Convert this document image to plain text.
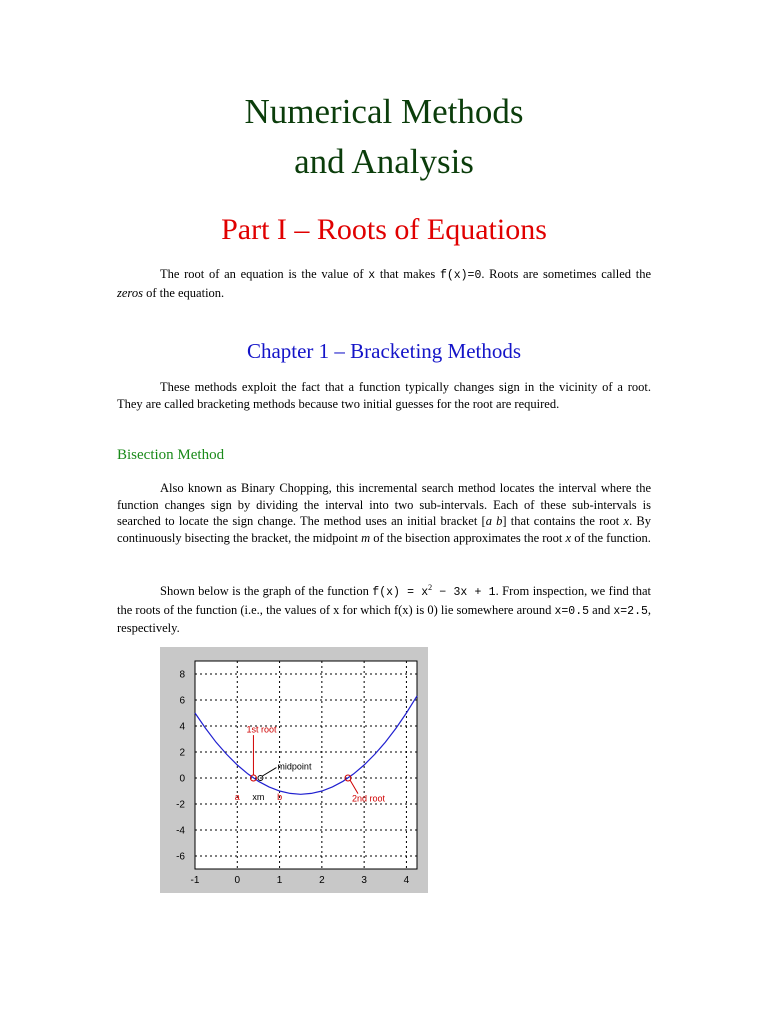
Numerical Methods
and Analysis
Part I – Roots of Equations

The root of an equation is the value of x that makes f(x)=0. Roots are sometimes called the zeros of the equation.

Chapter 1 – Bracketing Methods

These methods exploit the fact that a function typically changes sign in the vicinity of a root. They are called bracketing methods because two initial guesses for the root are required.

Bisection Method

Also known as Binary Chopping, this incremental search method locates the interval where the function changes sign by dividing the interval into two sub-intervals. Each of these sub-intervals is searched to locate the sign change. The method uses an initial bracket [a b] that contains the root x. By continuously bisecting the bracket, the midpoint m of the bisection approximates the root x of the function.

Shown below is the graph of the function $f(x) = x^2 - 3x + 1$. From inspection, we find that the roots of the function (i.e., the values of x for which f(x) is 0) lie somewhere around x=0.5 and x=2.5, respectively.

-1	0	1	2	3	4
8
6
4
2
0
-2
-4
-6
1st root
midpoint
2nd root
a xm b
